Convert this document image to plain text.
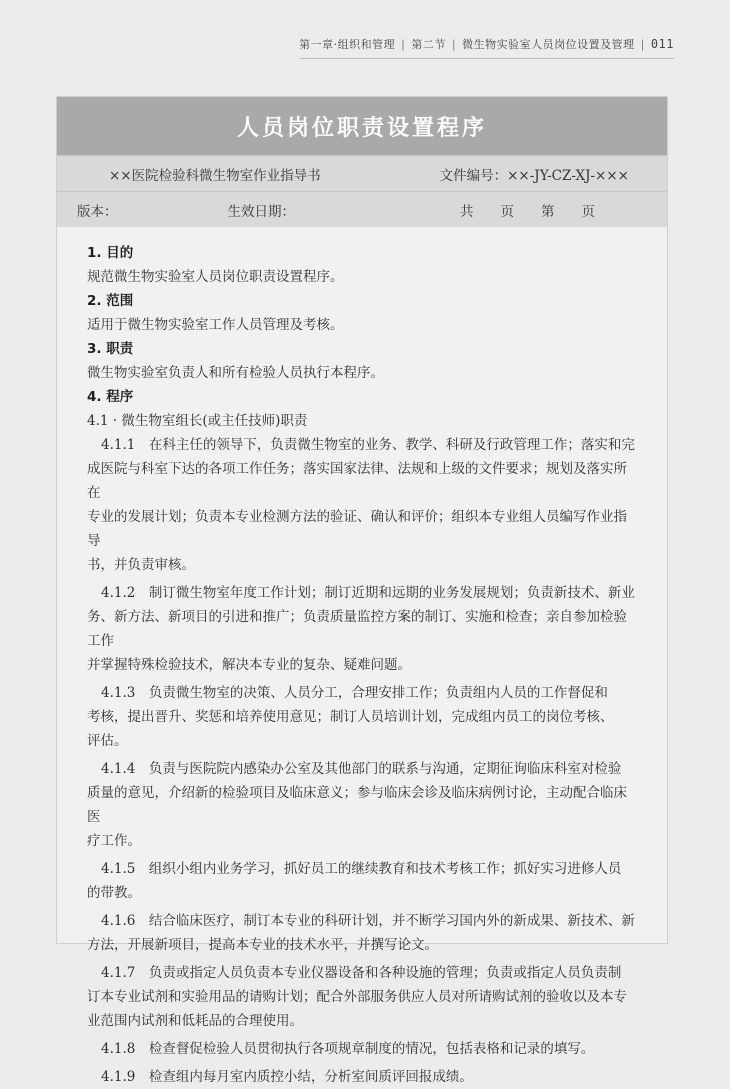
第一章·组织和管理 | 第二节 | 微生物实验室人员岗位设置及管理 | 011
人员岗位职责设置程序
××医院检验科微生物室作业指导书	文件编号：××-JY-CZ-XJ-×××
版本：	生效日期：	共　　页　　第　　页

1. 目的

规范微生物实验室人员岗位职责设置程序。

2. 范围

适用于微生物实验室工作人员管理及考核。

3. 职责

微生物实验室负责人和所有检验人员执行本程序。

4. 程序

4.1 · 微生物室组长(或主任技师)职责

4.1.1　在科主任的领导下，负责微生物室的业务、教学、科研及行政管理工作；落实和完
成医院与科室下达的各项工作任务；落实国家法律、法规和上级的文件要求；规划及落实所在
专业的发展计划；负责本专业检测方法的验证、确认和评价；组织本专业组人员编写作业指导
书，并负责审核。
4.1.2　制订微生物室年度工作计划；制订近期和远期的业务发展规划；负责新技术、新业
务、新方法、新项目的引进和推广；负责质量监控方案的制订、实施和检查；亲自参加检验工作
并掌握特殊检验技术，解决本专业的复杂、疑难问题。
4.1.3　负责微生物室的决策、人员分工，合理安排工作；负责组内人员的工作督促和
考核，提出晋升、奖惩和培养使用意见；制订人员培训计划，完成组内员工的岗位考核、
评估。
4.1.4　负责与医院院内感染办公室及其他部门的联系与沟通，定期征询临床科室对检验
质量的意见，介绍新的检验项目及临床意义；参与临床会诊及临床病例讨论，主动配合临床医
疗工作。
4.1.5　组织小组内业务学习，抓好员工的继续教育和技术考核工作；抓好实习进修人员
的带教。
4.1.6　结合临床医疗，制订本专业的科研计划，并不断学习国内外的新成果、新技术、新
方法，开展新项目，提高本专业的技术水平，并撰写论文。
4.1.7　负责或指定人员负责本专业仪器设备和各种设施的管理；负责或指定人员负责制
订本专业试剂和实验用品的请购计划；配合外部服务供应人员对所请购试剂的验收以及本专
业范围内试剂和低耗品的合理使用。
4.1.8　检查督促检验人员贯彻执行各项规章制度的情况，包括表格和记录的填写。
4.1.9　检查组内每月室内质控小结，分析室间质评回报成绩。
